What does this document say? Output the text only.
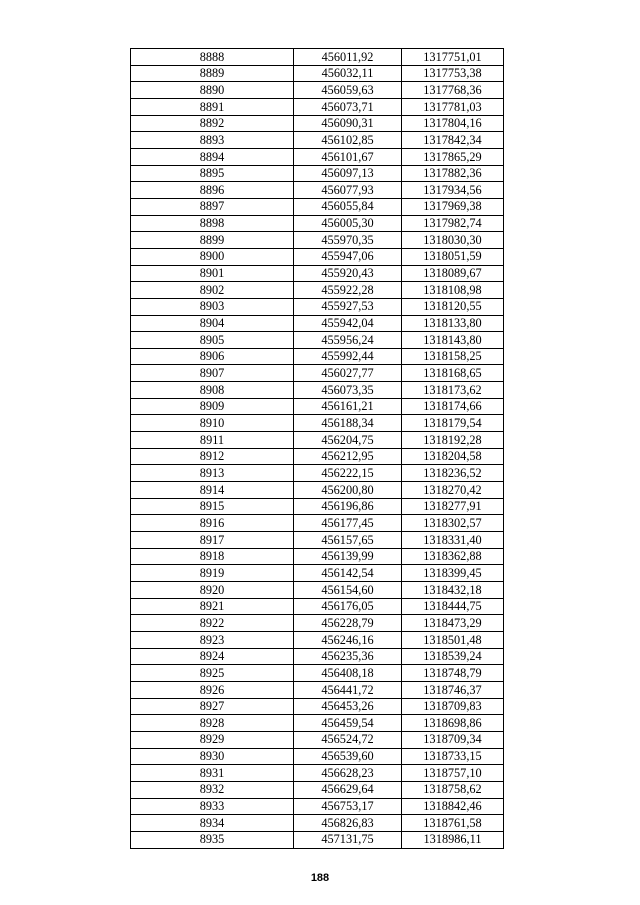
8888	456011,92	1317751,01
8889	456032,11	1317753,38
8890	456059,63	1317768,36
8891	456073,71	1317781,03
8892	456090,31	1317804,16
8893	456102,85	1317842,34
8894	456101,67	1317865,29
8895	456097,13	1317882,36
8896	456077,93	1317934,56
8897	456055,84	1317969,38
8898	456005,30	1317982,74
8899	455970,35	1318030,30
8900	455947,06	1318051,59
8901	455920,43	1318089,67
8902	455922,28	1318108,98
8903	455927,53	1318120,55
8904	455942,04	1318133,80
8905	455956,24	1318143,80
8906	455992,44	1318158,25
8907	456027,77	1318168,65
8908	456073,35	1318173,62
8909	456161,21	1318174,66
8910	456188,34	1318179,54
8911	456204,75	1318192,28
8912	456212,95	1318204,58
8913	456222,15	1318236,52
8914	456200,80	1318270,42
8915	456196,86	1318277,91
8916	456177,45	1318302,57
8917	456157,65	1318331,40
8918	456139,99	1318362,88
8919	456142,54	1318399,45
8920	456154,60	1318432,18
8921	456176,05	1318444,75
8922	456228,79	1318473,29
8923	456246,16	1318501,48
8924	456235,36	1318539,24
8925	456408,18	1318748,79
8926	456441,72	1318746,37
8927	456453,26	1318709,83
8928	456459,54	1318698,86
8929	456524,72	1318709,34
8930	456539,60	1318733,15
8931	456628,23	1318757,10
8932	456629,64	1318758,62
8933	456753,17	1318842,46
8934	456826,83	1318761,58
8935	457131,75	1318986,11
188
